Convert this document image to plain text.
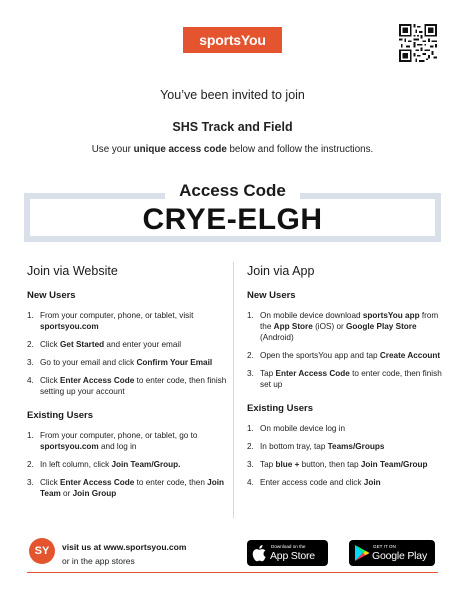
sportsYou
You’ve been invited to join
SHS Track and Field
Use your unique access code below and follow the instructions.
Access Code
CRYE-ELGH
Join via Website
New Users
1. From your computer, phone, or tablet, visit sportsyou.com
2. Click Get Started and enter your email
3. Go to your email and click Confirm Your Email
4. Click Enter Access Code to enter code, then finish setting up your account
Existing Users
1. From your computer, phone, or tablet, go to sportsyou.com and log in
2. In left column, click Join Team/Group.
3. Click Enter Access Code to enter code, then Join Team or Join Group
Join via App
New Users
1. On mobile device download sportsYou app from the App Store (iOS) or Google Play Store (Android)
2. Open the sportsYou app and tap Create Account
3. Tap Enter Access Code to enter code, then finish set up
Existing Users
1. On mobile device log in
2. In bottom tray, tap Teams/Groups
3. Tap blue + button, then tap Join Team/Group
4. Enter access code and click Join
SY	visit us at www.sportsyou.com
or in the app stores
Download on the
App Store
GET IT ON
Google Play
